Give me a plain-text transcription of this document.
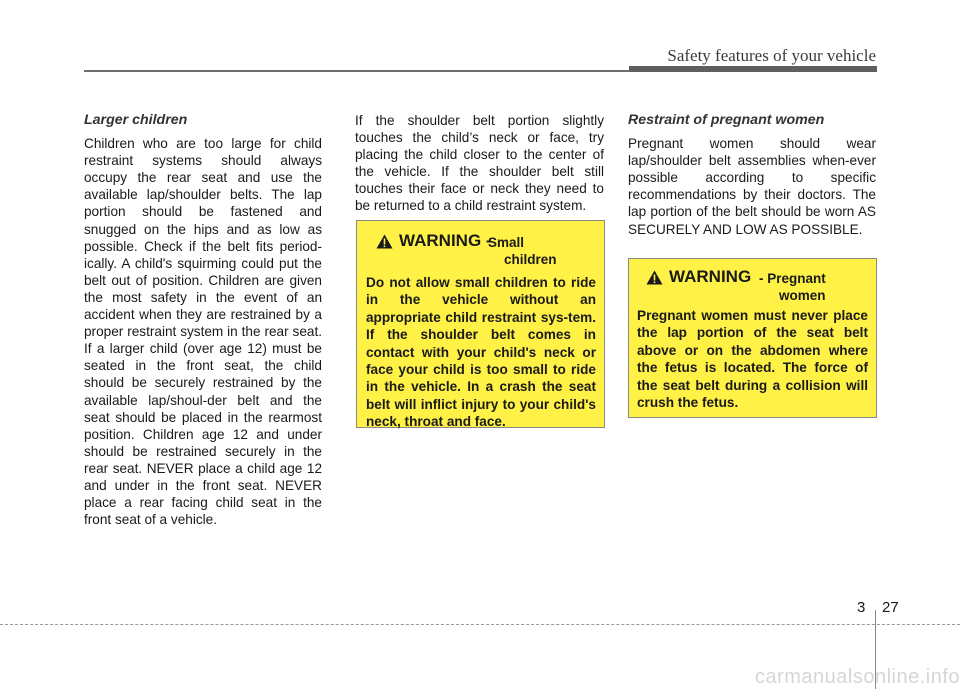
Safety features of your vehicle

Larger children

Children who are too large for child restraint systems should always occupy the rear seat and use the available lap/shoulder belts. The lap portion should be fastened and snugged on the hips and as low as possible. Check if the belt fits period-ically. A child's squirming could put the belt out of position. Children are given the most safety in the event of an accident when they are restrained by a proper restraint system in the rear seat. If a larger child (over age 12) must be seated in the front seat, the child should be securely restrained by the available lap/shoul-der belt and the seat should be placed in the rearmost position. Children age 12 and under should be restrained securely in the rear seat. NEVER place a child age 12 and under in the front seat. NEVER place a rear facing child seat in the front seat of a vehicle.

If the shoulder belt portion slightly touches the child’s neck or face, try placing the child closer to the center of the vehicle. If the shoulder belt still touches their face or neck they need to be returned to a child restraint system.

WARNING -
Small
children
Do not allow small children to ride in the vehicle without an appropriate child restraint sys-tem. If the shoulder belt comes in contact with your child's neck or face your child is too small to ride in the vehicle. In a crash the seat belt will inflict injury to your child's neck, throat and face.

Restraint of pregnant women

Pregnant women should wear lap/shoulder belt assemblies when-ever possible according to specific recommendations by their doctors. The lap portion of the belt should be worn AS SECURELY AND LOW AS POSSIBLE.

WARNING - Pregnant
women
Pregnant women must never place the lap portion of the seat belt above or on the abdomen where the fetus is located. The force of the seat belt during a collision will crush the fetus.
3 27
carmanualsonline.info
